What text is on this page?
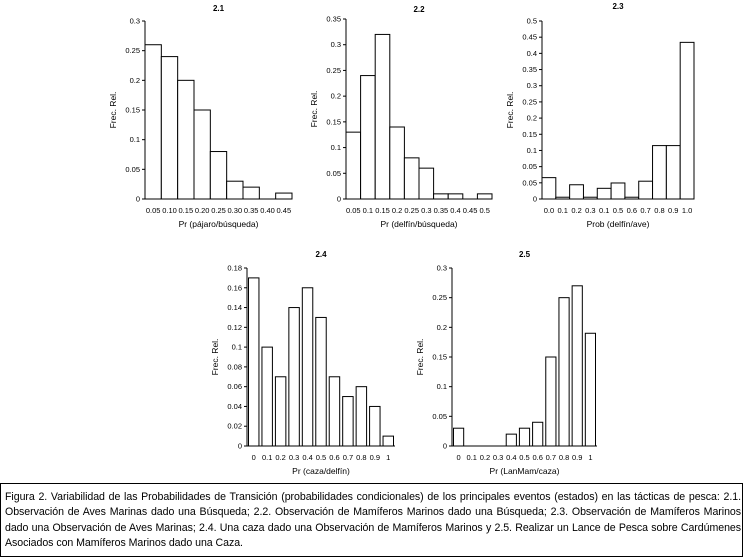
2.1
0
0.05
0.1
0.15
0.2
0.25
0.3
0.05 0.10 0.15 0.20 0.25 0.30 0.35 0.40 0.45
Pr (pájaro/búsqueda)
Frec. Rel.
2.2
0
0.05
0.1
0.15
0.2
0.25
0.3
0.35
0.05 0.1 0.15 0.2 0.25 0.3 0.35 0.4 0.45 0.5
Pr (delfín/búsqueda)
Frec. Rel.
2.3
0
0.05
0.05
0.1
0.15
0.2
0.25
0.3
0.35
0.4
0.45
0.5
0.0 0.1 0.2 0.3 0.1 0.5 0.6 0.7 0.8 0.9 1.0
Prob (delfín/ave)
Frec. Rel.
2.4
0
0.02
0.04
0.06
0.08
0.1
0.12
0.14
0.16
0.18
0 0.1 0.2 0.3 0.4 0.5 0.6 0.7 0.8 0.9 1
Pr (caza/delfín)
Frec. Rel.
2.5
0
0.05
0.1
0.15
0.2
0.25
0.3
0 0.1 0.2 0.3 0.4 0.5 0.6 0.7 0.8 0.9 1
Pr (LanMam/caza)
Frec. Rel.
Figura 2. Variabilidad de las Probabilidades de Transición (probabilidades condicionales) de los principales eventos (estados) en las tácticas de pesca: 2.1. Observación de Aves Marinas dado una Búsqueda; 2.2. Observación de Mamíferos Marinos dado una Búsqueda; 2.3. Observación de Mamíferos Marinos dado una Observación de Aves Marinas; 2.4. Una caza dado una Observación de Mamíferos Marinos y 2.5. Realizar un Lance de Pesca sobre Cardúmenes Asociados con Mamíferos Marinos dado una Caza.
